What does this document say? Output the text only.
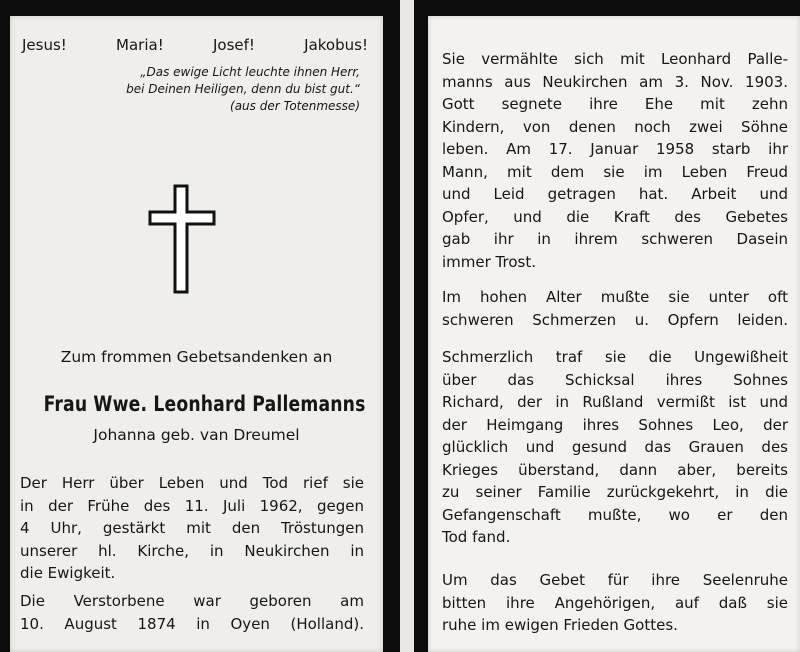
Jesus!	Maria!	Josef!	Jakobus!
„Das ewige Licht leuchte ihnen Herr,
bei Deinen Heiligen, denn du bist gut.“
(aus der Totenmesse)
Zum frommen Gebetsandenken an
Frau Wwe. Leonhard Pallemanns
Johanna geb. van Dreumel
Der Herr über Leben und Tod rief sie
in der Frühe des 11. Juli 1962, gegen
4 Uhr, gestärkt mit den Tröstungen
unserer hl. Kirche, in Neukirchen in
die Ewigkeit.
Die Verstorbene war geboren am
10. August 1874 in Oyen (Holland).
Sie vermählte sich mit Leonhard Palle-
manns aus Neukirchen am 3. Nov. 1903.
Gott segnete ihre Ehe mit zehn
Kindern, von denen noch zwei Söhne
leben. Am 17. Januar 1958 starb ihr
Mann, mit dem sie im Leben Freud
und Leid getragen hat. Arbeit und
Opfer, und die Kraft des Gebetes
gab ihr in ihrem schweren Dasein
immer Trost.
Im hohen Alter mußte sie unter oft
schweren Schmerzen u. Opfern leiden.
Schmerzlich traf sie die Ungewißheit
über das Schicksal ihres Sohnes
Richard, der in Rußland vermißt ist und
der Heimgang ihres Sohnes Leo, der
glücklich und gesund das Grauen des
Krieges überstand, dann aber, bereits
zu seiner Familie zurückgekehrt, in die
Gefangenschaft mußte, wo er den
Tod fand.
Um das Gebet für ihre Seelenruhe
bitten ihre Angehörigen, auf daß sie
ruhe im ewigen Frieden Gottes.
